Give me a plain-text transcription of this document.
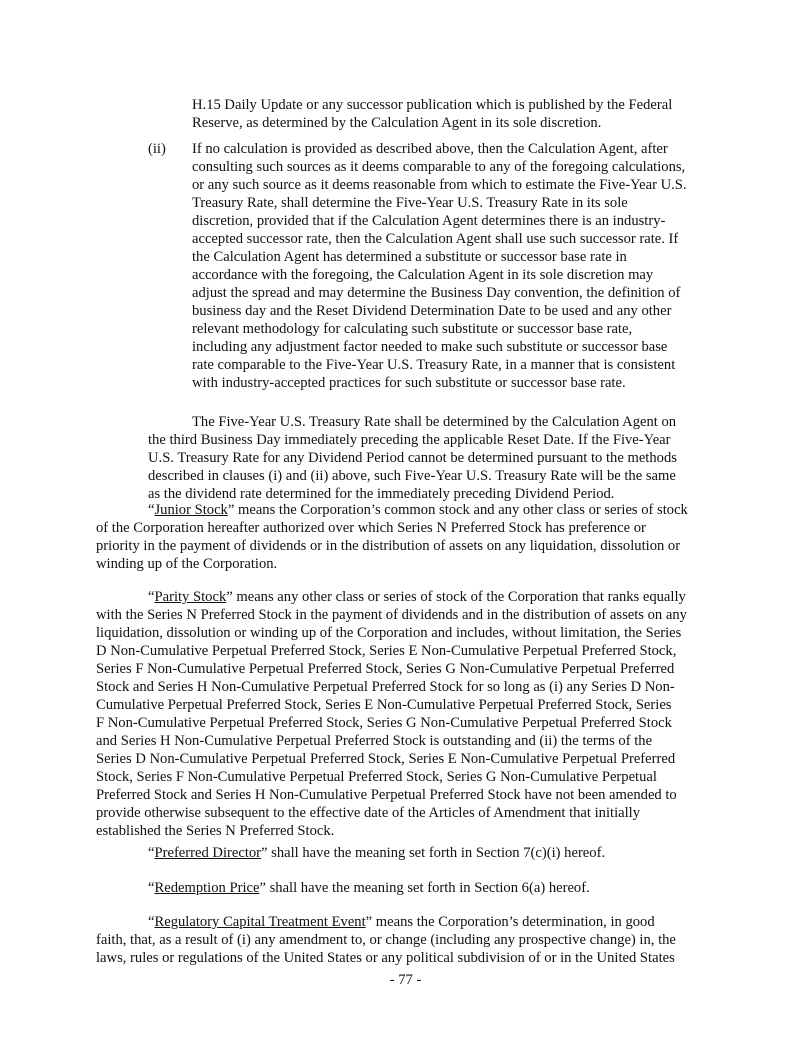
H.15 Daily Update or any successor publication which is published by the Federal
Reserve, as determined by the Calculation Agent in its sole discretion.
(ii) If no calculation is provided as described above, then the Calculation Agent, after
consulting such sources as it deems comparable to any of the foregoing calculations,
or any such source as it deems reasonable from which to estimate the Five-Year U.S.
Treasury Rate, shall determine the Five-Year U.S. Treasury Rate in its sole
discretion, provided that if the Calculation Agent determines there is an industry-
accepted successor rate, then the Calculation Agent shall use such successor rate. If
the Calculation Agent has determined a substitute or successor base rate in
accordance with the foregoing, the Calculation Agent in its sole discretion may
adjust the spread and may determine the Business Day convention, the definition of
business day and the Reset Dividend Determination Date to be used and any other
relevant methodology for calculating such substitute or successor base rate,
including any adjustment factor needed to make such substitute or successor base
rate comparable to the Five-Year U.S. Treasury Rate, in a manner that is consistent
with industry-accepted practices for such substitute or successor base rate.
The Five-Year U.S. Treasury Rate shall be determined by the Calculation Agent on
the third Business Day immediately preceding the applicable Reset Date. If the Five-Year
U.S. Treasury Rate for any Dividend Period cannot be determined pursuant to the methods
described in clauses (i) and (ii) above, such Five-Year U.S. Treasury Rate will be the same
as the dividend rate determined for the immediately preceding Dividend Period.
“Junior Stock” means the Corporation’s common stock and any other class or series of stock
of the Corporation hereafter authorized over which Series N Preferred Stock has preference or
priority in the payment of dividends or in the distribution of assets on any liquidation, dissolution or
winding up of the Corporation.
“Parity Stock” means any other class or series of stock of the Corporation that ranks equally
with the Series N Preferred Stock in the payment of dividends and in the distribution of assets on any
liquidation, dissolution or winding up of the Corporation and includes, without limitation, the Series
D Non-Cumulative Perpetual Preferred Stock, Series E Non-Cumulative Perpetual Preferred Stock,
Series F Non-Cumulative Perpetual Preferred Stock, Series G Non-Cumulative Perpetual Preferred
Stock and Series H Non-Cumulative Perpetual Preferred Stock for so long as (i) any Series D Non-
Cumulative Perpetual Preferred Stock, Series E Non-Cumulative Perpetual Preferred Stock, Series
F Non-Cumulative Perpetual Preferred Stock, Series G Non-Cumulative Perpetual Preferred Stock
and Series H Non-Cumulative Perpetual Preferred Stock is outstanding and (ii) the terms of the
Series D Non-Cumulative Perpetual Preferred Stock, Series E Non-Cumulative Perpetual Preferred
Stock, Series F Non-Cumulative Perpetual Preferred Stock, Series G Non-Cumulative Perpetual
Preferred Stock and Series H Non-Cumulative Perpetual Preferred Stock have not been amended to
provide otherwise subsequent to the effective date of the Articles of Amendment that initially
established the Series N Preferred Stock.
“Preferred Director” shall have the meaning set forth in Section 7(c)(i) hereof.
“Redemption Price” shall have the meaning set forth in Section 6(a) hereof.
“Regulatory Capital Treatment Event” means the Corporation’s determination, in good
faith, that, as a result of (i) any amendment to, or change (including any prospective change) in, the
laws, rules or regulations of the United States or any political subdivision of or in the United States
- 77 -
